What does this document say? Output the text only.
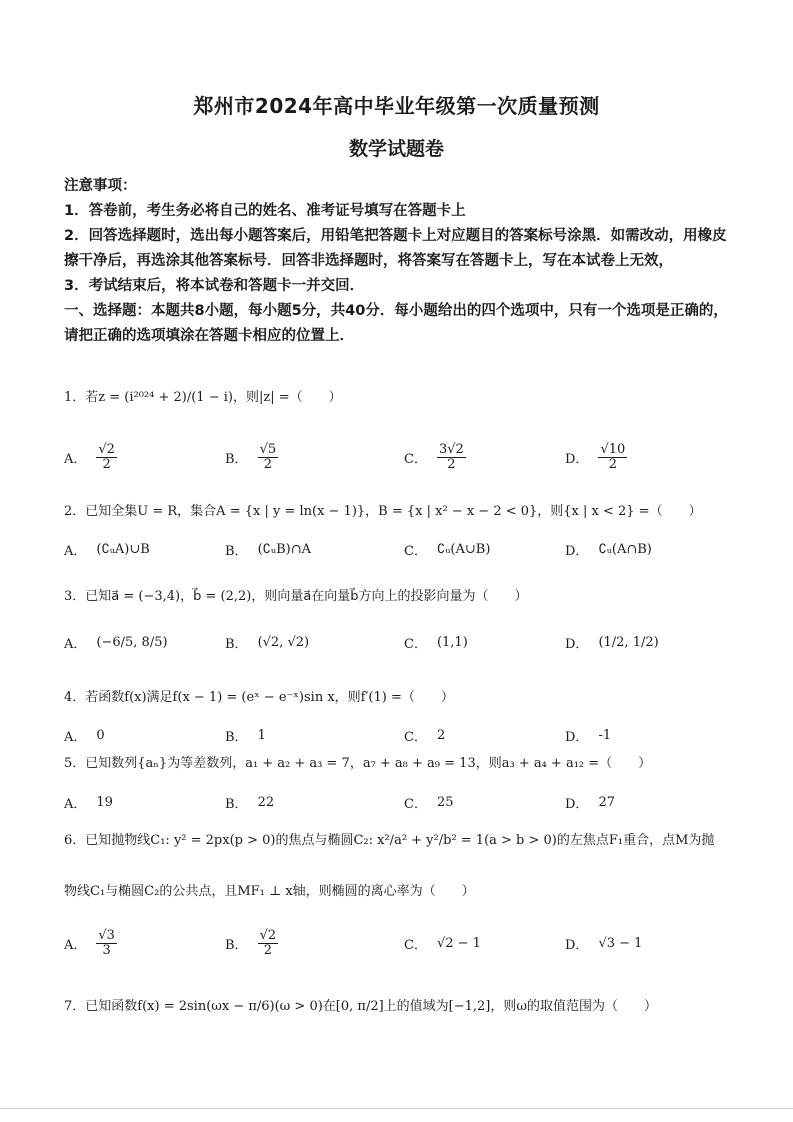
郑州市2024年高中毕业年级第一次质量预测
数学试题卷

注意事项：

1．答卷前，考生务必将自己的姓名、准考证号填写在答题卡上

2．回答选择题时，选出每小题答案后，用铅笔把答题卡上对应题目的答案标号涂黑．如需改动，用橡皮擦干净后，再选涂其他答案标号．回答非选择题时，将答案写在答题卡上，写在本试卷上无效，

3．考试结束后，将本试卷和答题卡一并交回．

一、选择题：本题共8小题，每小题5分，共40分．每小题给出的四个选项中，只有一个选项是正确的，请把正确的选项填涂在答题卡相应的位置上．

1．若z = (i²⁰²⁴ + 2)/(1 − i)，则|z| =（　　）
A． $\frac{√2}{2}$	B． $\frac{√5}{2}$	C． $\frac{3√2}{2}$	D． $\frac{√10}{2}$
2．已知全集U = R，集合A = {x | y = ln(x − 1)}，B = {x | x² − x − 2 < 0}，则{x | x < 2} =（　　）
A． (∁ᵤA)∪B	B． (∁ᵤB)∩A	C． ∁ᵤ(A∪B)	D． ∁ᵤ(A∩B)
3．已知a⃗ = (−3,4)，b⃗ = (2,2)，则向量a⃗在向量b⃗方向上的投影向量为（　　）
A． (−6/5, 8/5)	B． (√2, √2)	C． (1,1)	D． (1/2, 1/2)
4．若函数f(x)满足f(x − 1) = (eˣ − e⁻ˣ)sin x，则f′(1) =（　　）
A． 0	B． 1	C． 2	D． -1
5．已知数列{aₙ}为等差数列，a₁ + a₂ + a₃ = 7，a₇ + a₈ + a₉ = 13，则a₃ + a₄ + a₁₂ =（　　）
A． 19	B． 22	C． 25	D． 27
6．已知抛物线C₁: y² = 2px(p > 0)的焦点与椭圆C₂: x²/a² + y²/b² = 1(a > b > 0)的左焦点F₁重合，点M为抛
物线C₁与椭圆C₂的公共点，且MF₁ ⊥ x轴，则椭圆的离心率为（　　）
A． $\frac{√3}{3}$	B． $\frac{√2}{2}$	C． √2 − 1	D． √3 − 1
7．已知函数f(x) = 2sin(ωx − π/6)(ω > 0)在[0, π/2]上的值域为[−1,2]，则ω的取值范围为（　　）
